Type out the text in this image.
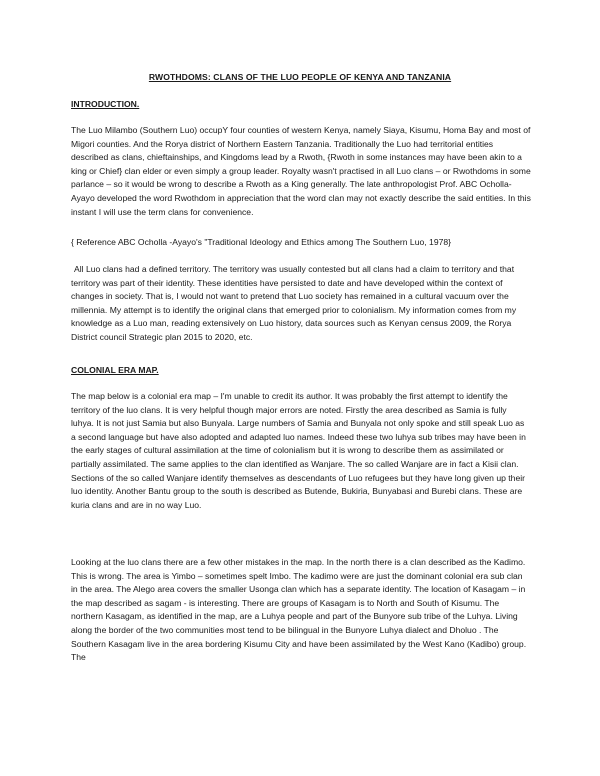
RWOTHDOMS: CLANS OF THE LUO PEOPLE OF KENYA AND TANZANIA
INTRODUCTION.

The Luo Milambo (Southern Luo) occupY four counties of western Kenya, namely Siaya, Kisumu, Homa Bay and most of Migori counties. And the Rorya district of Northern Eastern Tanzania. Traditionally the Luo had territorial entities described as clans, chieftainships, and Kingdoms lead by a Rwoth, {Rwoth in some instances may have been akin to a king or Chief} clan elder or even simply a group leader. Royalty wasn't practised in all Luo clans – or Rwothdoms in some parlance – so it would be wrong to describe a Rwoth as a King generally. The late anthropologist Prof. ABC Ocholla-Ayayo developed the word Rwothdom in appreciation that the word clan may not exactly describe the said entities. In this instant I will use the term clans for convenience.

{ Reference ABC Ocholla -Ayayo's "Traditional Ideology and Ethics among The Southern Luo, 1978}

All Luo clans had a defined territory. The territory was usually contested but all clans had a claim to territory and that territory was part of their identity. These identities have persisted to date and have developed within the context of changes in society. That is, I would not want to pretend that Luo society has remained in a cultural vacuum over the millennia. My attempt is to identify the original clans that emerged prior to colonialism. My information comes from my knowledge as a Luo man, reading extensively on Luo history, data sources such as Kenyan census 2009, the Rorya District council Strategic plan 2015 to 2020, etc.

COLONIAL ERA MAP.

The map below is a colonial era map – I'm unable to credit its author. It was probably the first attempt to identify the territory of the luo clans. It is very helpful though major errors are noted. Firstly the area described as Samia is fully luhya. It is not just Samia but also Bunyala. Large numbers of Samia and Bunyala not only spoke and still speak Luo as a second language but have also adopted and adapted luo names. Indeed these two luhya sub tribes may have been in the early stages of cultural assimilation at the time of colonialism but it is wrong to describe them as assimilated or partially assimilated. The same applies to the clan identified as Wanjare. The so called Wanjare are in fact a Kisii clan. Sections of the so called Wanjare identify themselves as descendants of Luo refugees but they have long given up their luo identity. Another Bantu group to the south is described as Butende, Bukiria, Bunyabasi and Burebi clans. These are kuria clans and are in no way Luo.

Looking at the luo clans there are a few other mistakes in the map. In the north there is a clan described as the Kadimo. This is wrong. The area is Yimbo – sometimes spelt Imbo. The kadimo were are just the dominant colonial era sub clan in the area. The Alego area covers the smaller Usonga clan which has a separate identity. The location of Kasagam – in the map described as sagam - is interesting. There are groups of Kasagam is to North and South of Kisumu. The northern Kasagam, as identified in the map, are a Luhya people and part of the Bunyore sub tribe of the Luhya. Living along the border of the two communities most tend to be bilingual in the Bunyore Luhya dialect and Dholuo . The Southern Kasagam live in the area bordering Kisumu City and have been assimilated by the West Kano (Kadibo) group. The
